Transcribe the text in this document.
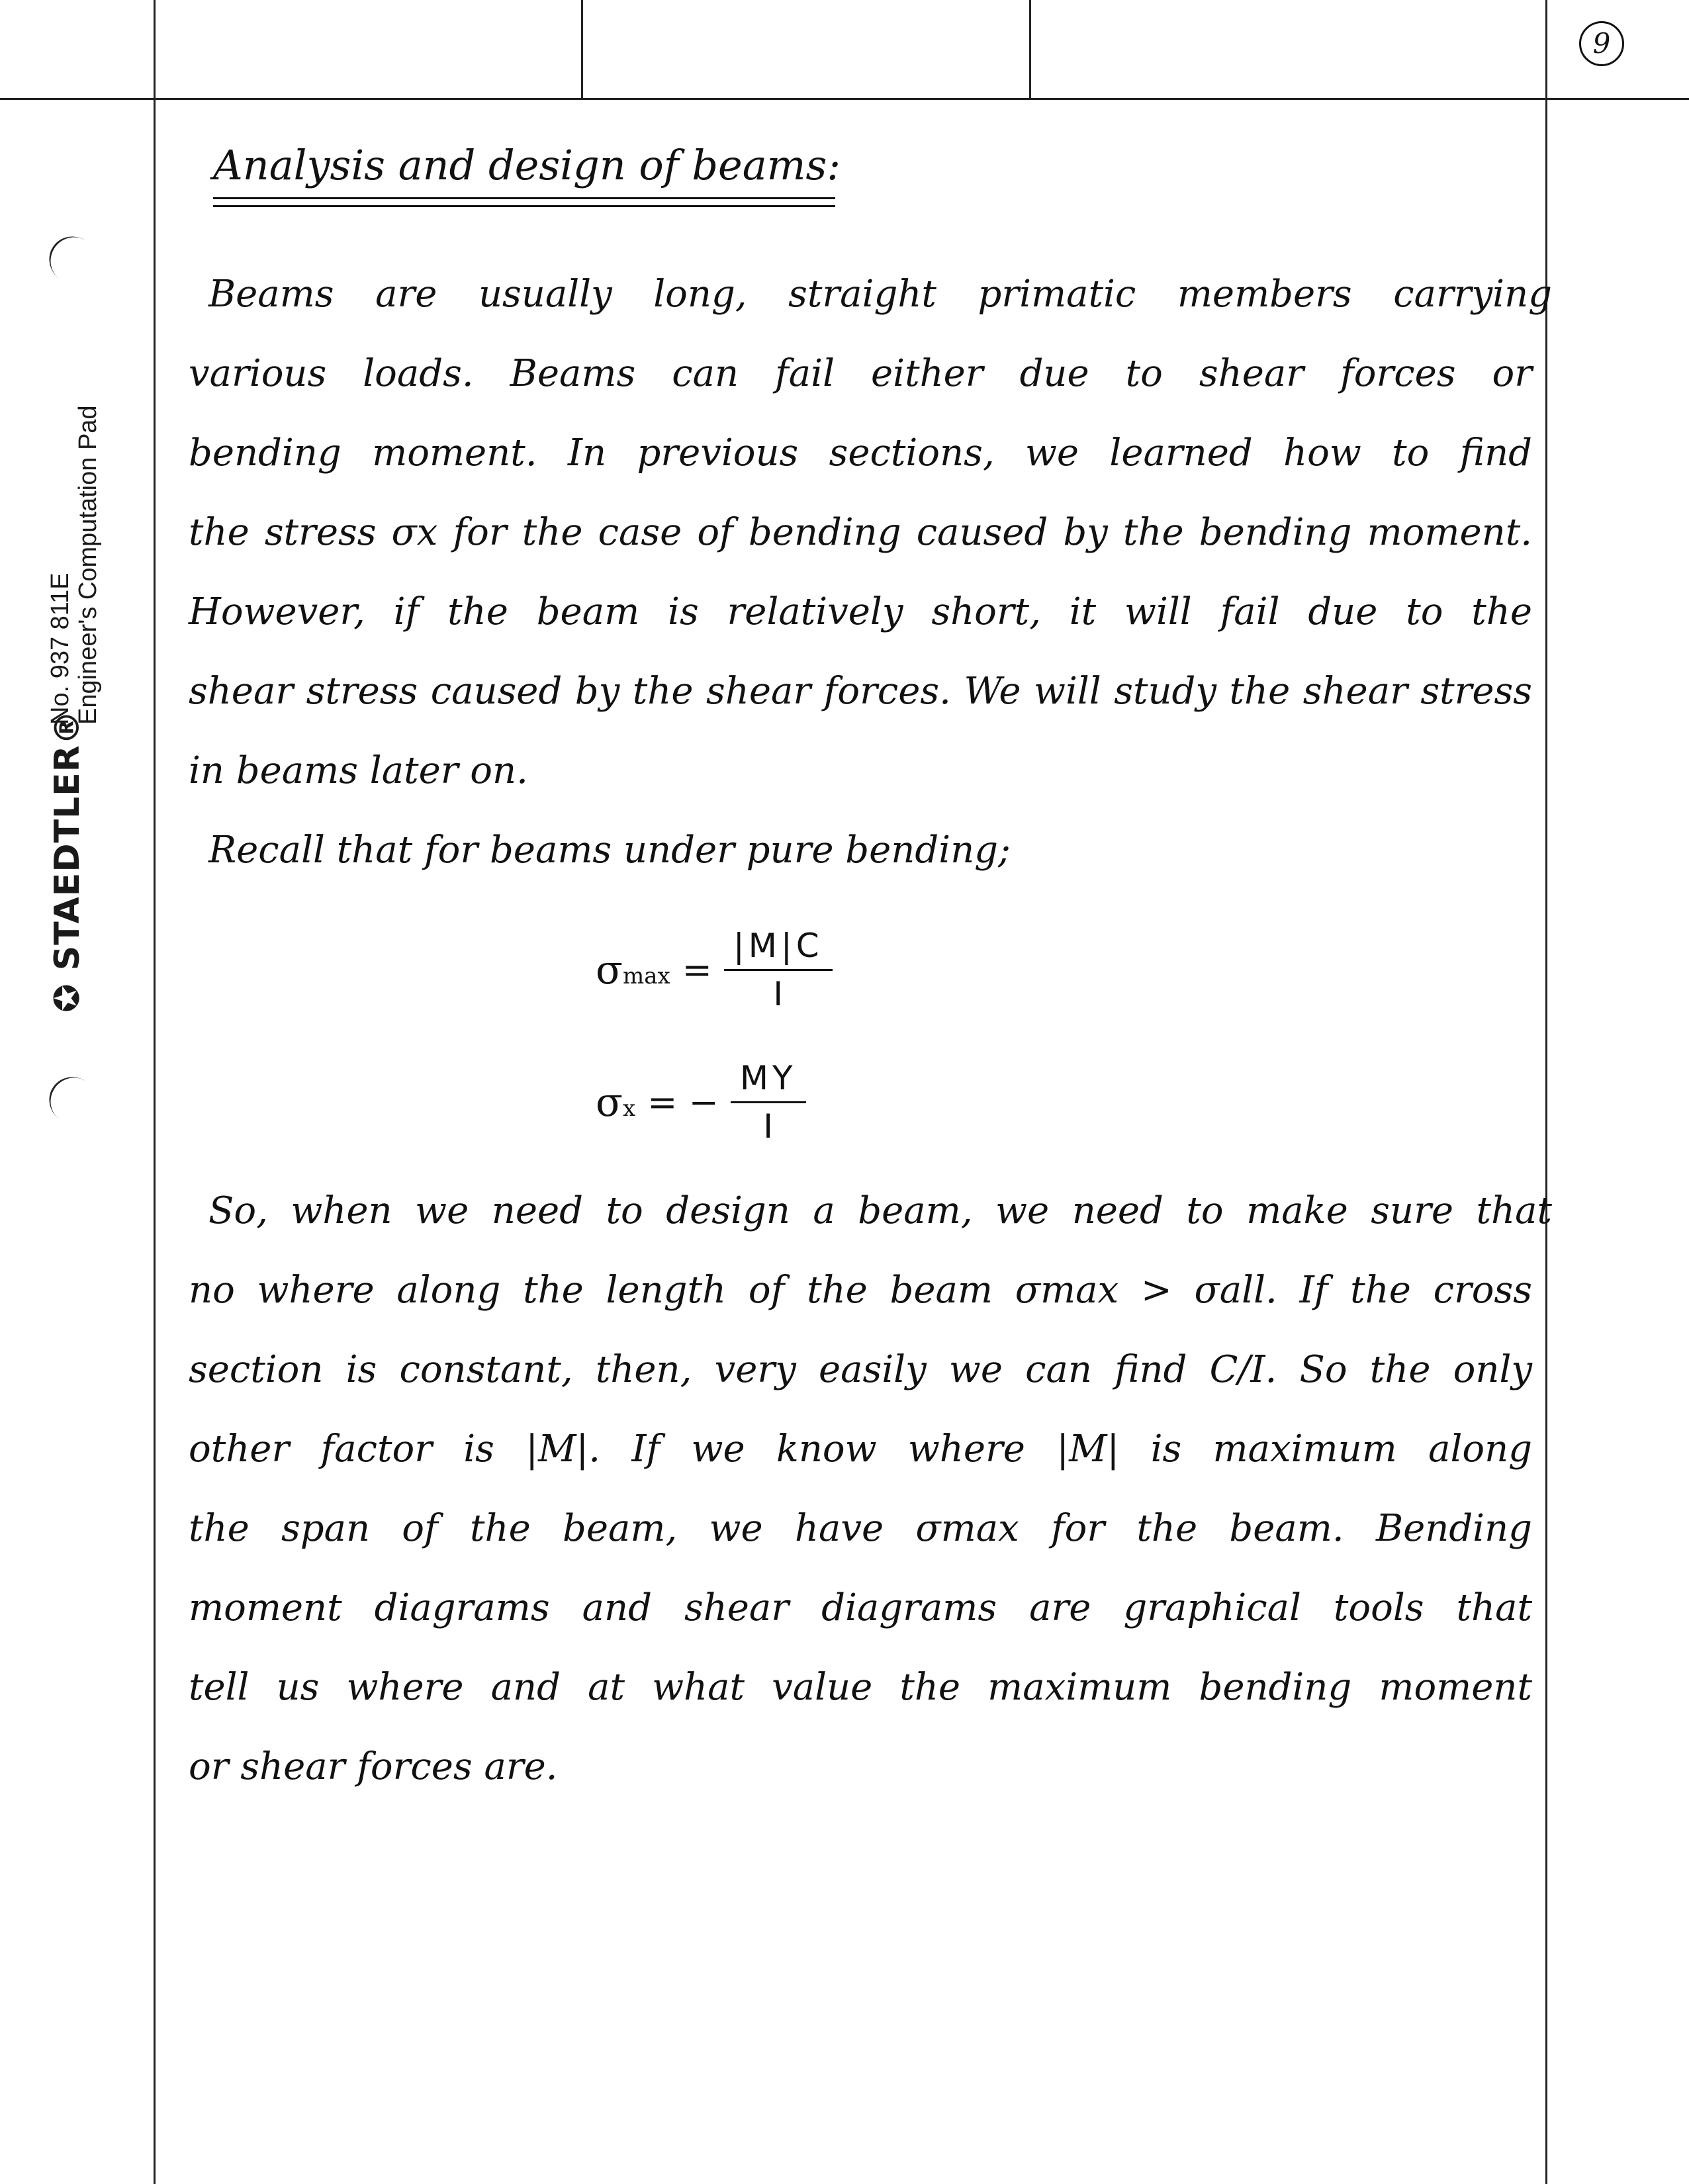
9
✪ STAEDTLER®
No. 937 811E Engineer's Computation Pad
Analysis and design of beams:
Beams are usually long, straight primatic members carrying
various loads. Beams can fail either due to shear forces or
bending moment. In previous sections, we learned how to find
the stress σx for the case of bending caused by the bending moment.
However, if the beam is relatively short, it will fail due to the
shear stress caused by the shear forces. We will study the shear stress
in beams later on.
Recall that for beams under pure bending;
σ $\max = \frac{|M|C}{I}$
σ x = − $\frac{MY}{I}$
So, when we need to design a beam, we need to make sure that
no where along the length of the beam σmax > σall. If the cross
section is constant, then, very easily we can find C/I. So the only
other factor is |M|. If we know where |M| is maximum along
the span of the beam, we have σmax for the beam. Bending
moment diagrams and shear diagrams are graphical tools that
tell us where and at what value the maximum bending moment
or shear forces are.
